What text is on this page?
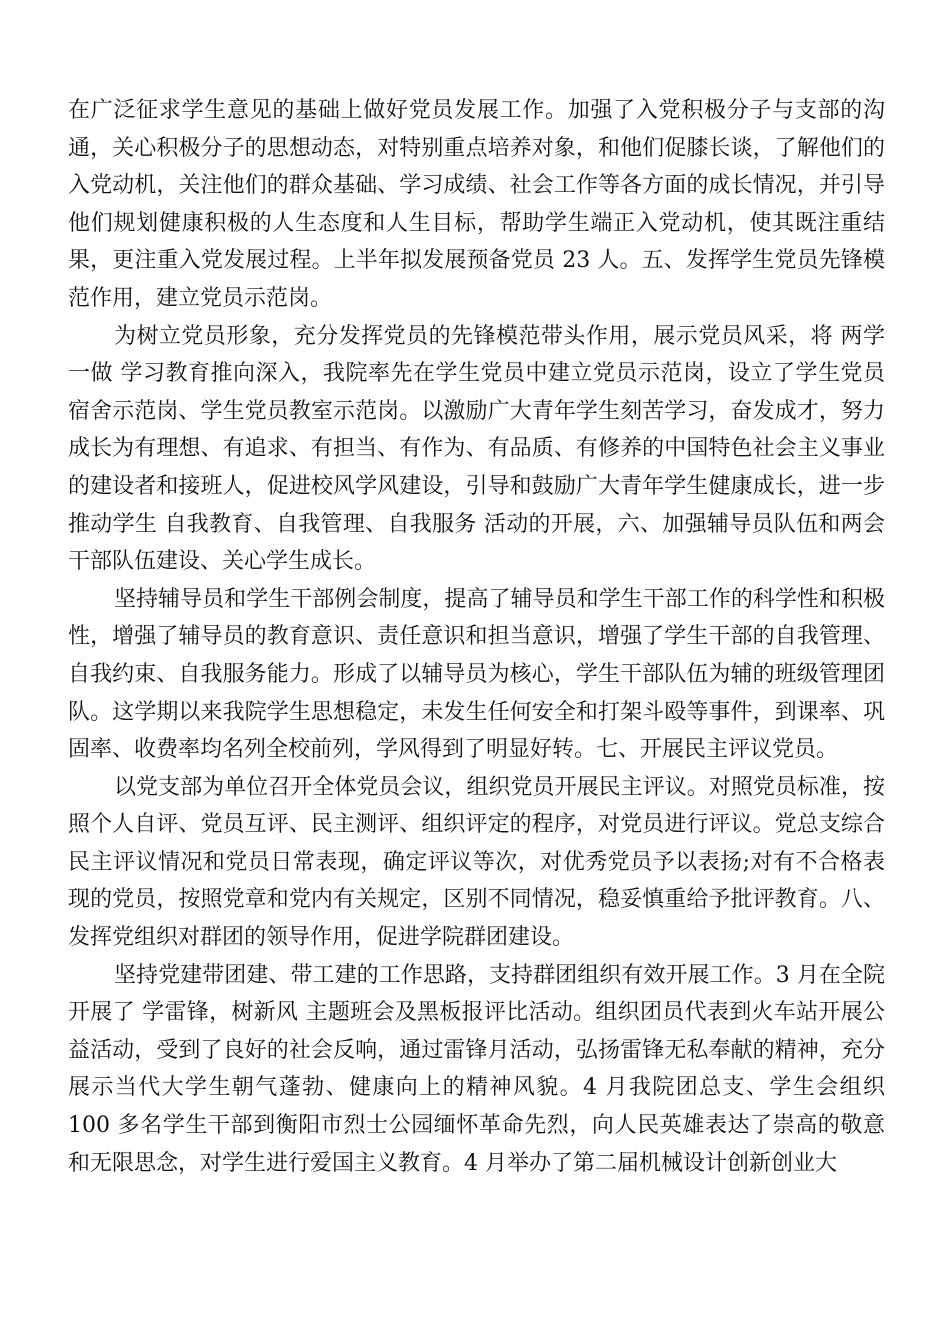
在广泛征求学生意见的基础上做好党员发展工作。加强了入党积极分子与支部的沟通，关心积极分子的思想动态，对特别重点培养对象，和他们促膝长谈，了解他们的入党动机，关注他们的群众基础、学习成绩、社会工作等各方面的成长情况，并引导他们规划健康积极的人生态度和人生目标，帮助学生端正入党动机，使其既注重结果，更注重入党发展过程。上半年拟发展预备党员 23 人。五、发挥学生党员先锋模范作用，建立党员示范岗。

为树立党员形象，充分发挥党员的先锋模范带头作用，展示党员风采，将 两学一做 学习教育推向深入，我院率先在学生党员中建立党员示范岗，设立了学生党员宿舍示范岗、学生党员教室示范岗。以激励广大青年学生刻苦学习，奋发成才，努力成长为有理想、有追求、有担当、有作为、有品质、有修养的中国特色社会主义事业的建设者和接班人，促进校风学风建设，引导和鼓励广大青年学生健康成长，进一步推动学生 自我教育、自我管理、自我服务 活动的开展，六、加强辅导员队伍和两会干部队伍建设、关心学生成长。

坚持辅导员和学生干部例会制度，提高了辅导员和学生干部工作的科学性和积极性，增强了辅导员的教育意识、责任意识和担当意识，增强了学生干部的自我管理、自我约束、自我服务能力。形成了以辅导员为核心，学生干部队伍为辅的班级管理团队。这学期以来我院学生思想稳定，未发生任何安全和打架斗殴等事件，到课率、巩固率、收费率均名列全校前列，学风得到了明显好转。七、开展民主评议党员。

以党支部为单位召开全体党员会议，组织党员开展民主评议。对照党员标准，按照个人自评、党员互评、民主测评、组织评定的程序，对党员进行评议。党总支综合民主评议情况和党员日常表现，确定评议等次，对优秀党员予以表扬;对有不合格表现的党员，按照党章和党内有关规定，区别不同情况，稳妥慎重给予批评教育。八、发挥党组织对群团的领导作用，促进学院群团建设。

坚持党建带团建、带工建的工作思路，支持群团组织有效开展工作。3 月在全院开展了 学雷锋，树新风 主题班会及黑板报评比活动。组织团员代表到火车站开展公益活动，受到了良好的社会反响，通过雷锋月活动，弘扬雷锋无私奉献的精神，充分展示当代大学生朝气蓬勃、健康向上的精神风貌。4 月我院团总支、学生会组织 100 多名学生干部到衡阳市烈士公园缅怀革命先烈，向人民英雄表达了崇高的敬意和无限思念，对学生进行爱国主义教育。4 月举办了第二届机械设计创新创业大
